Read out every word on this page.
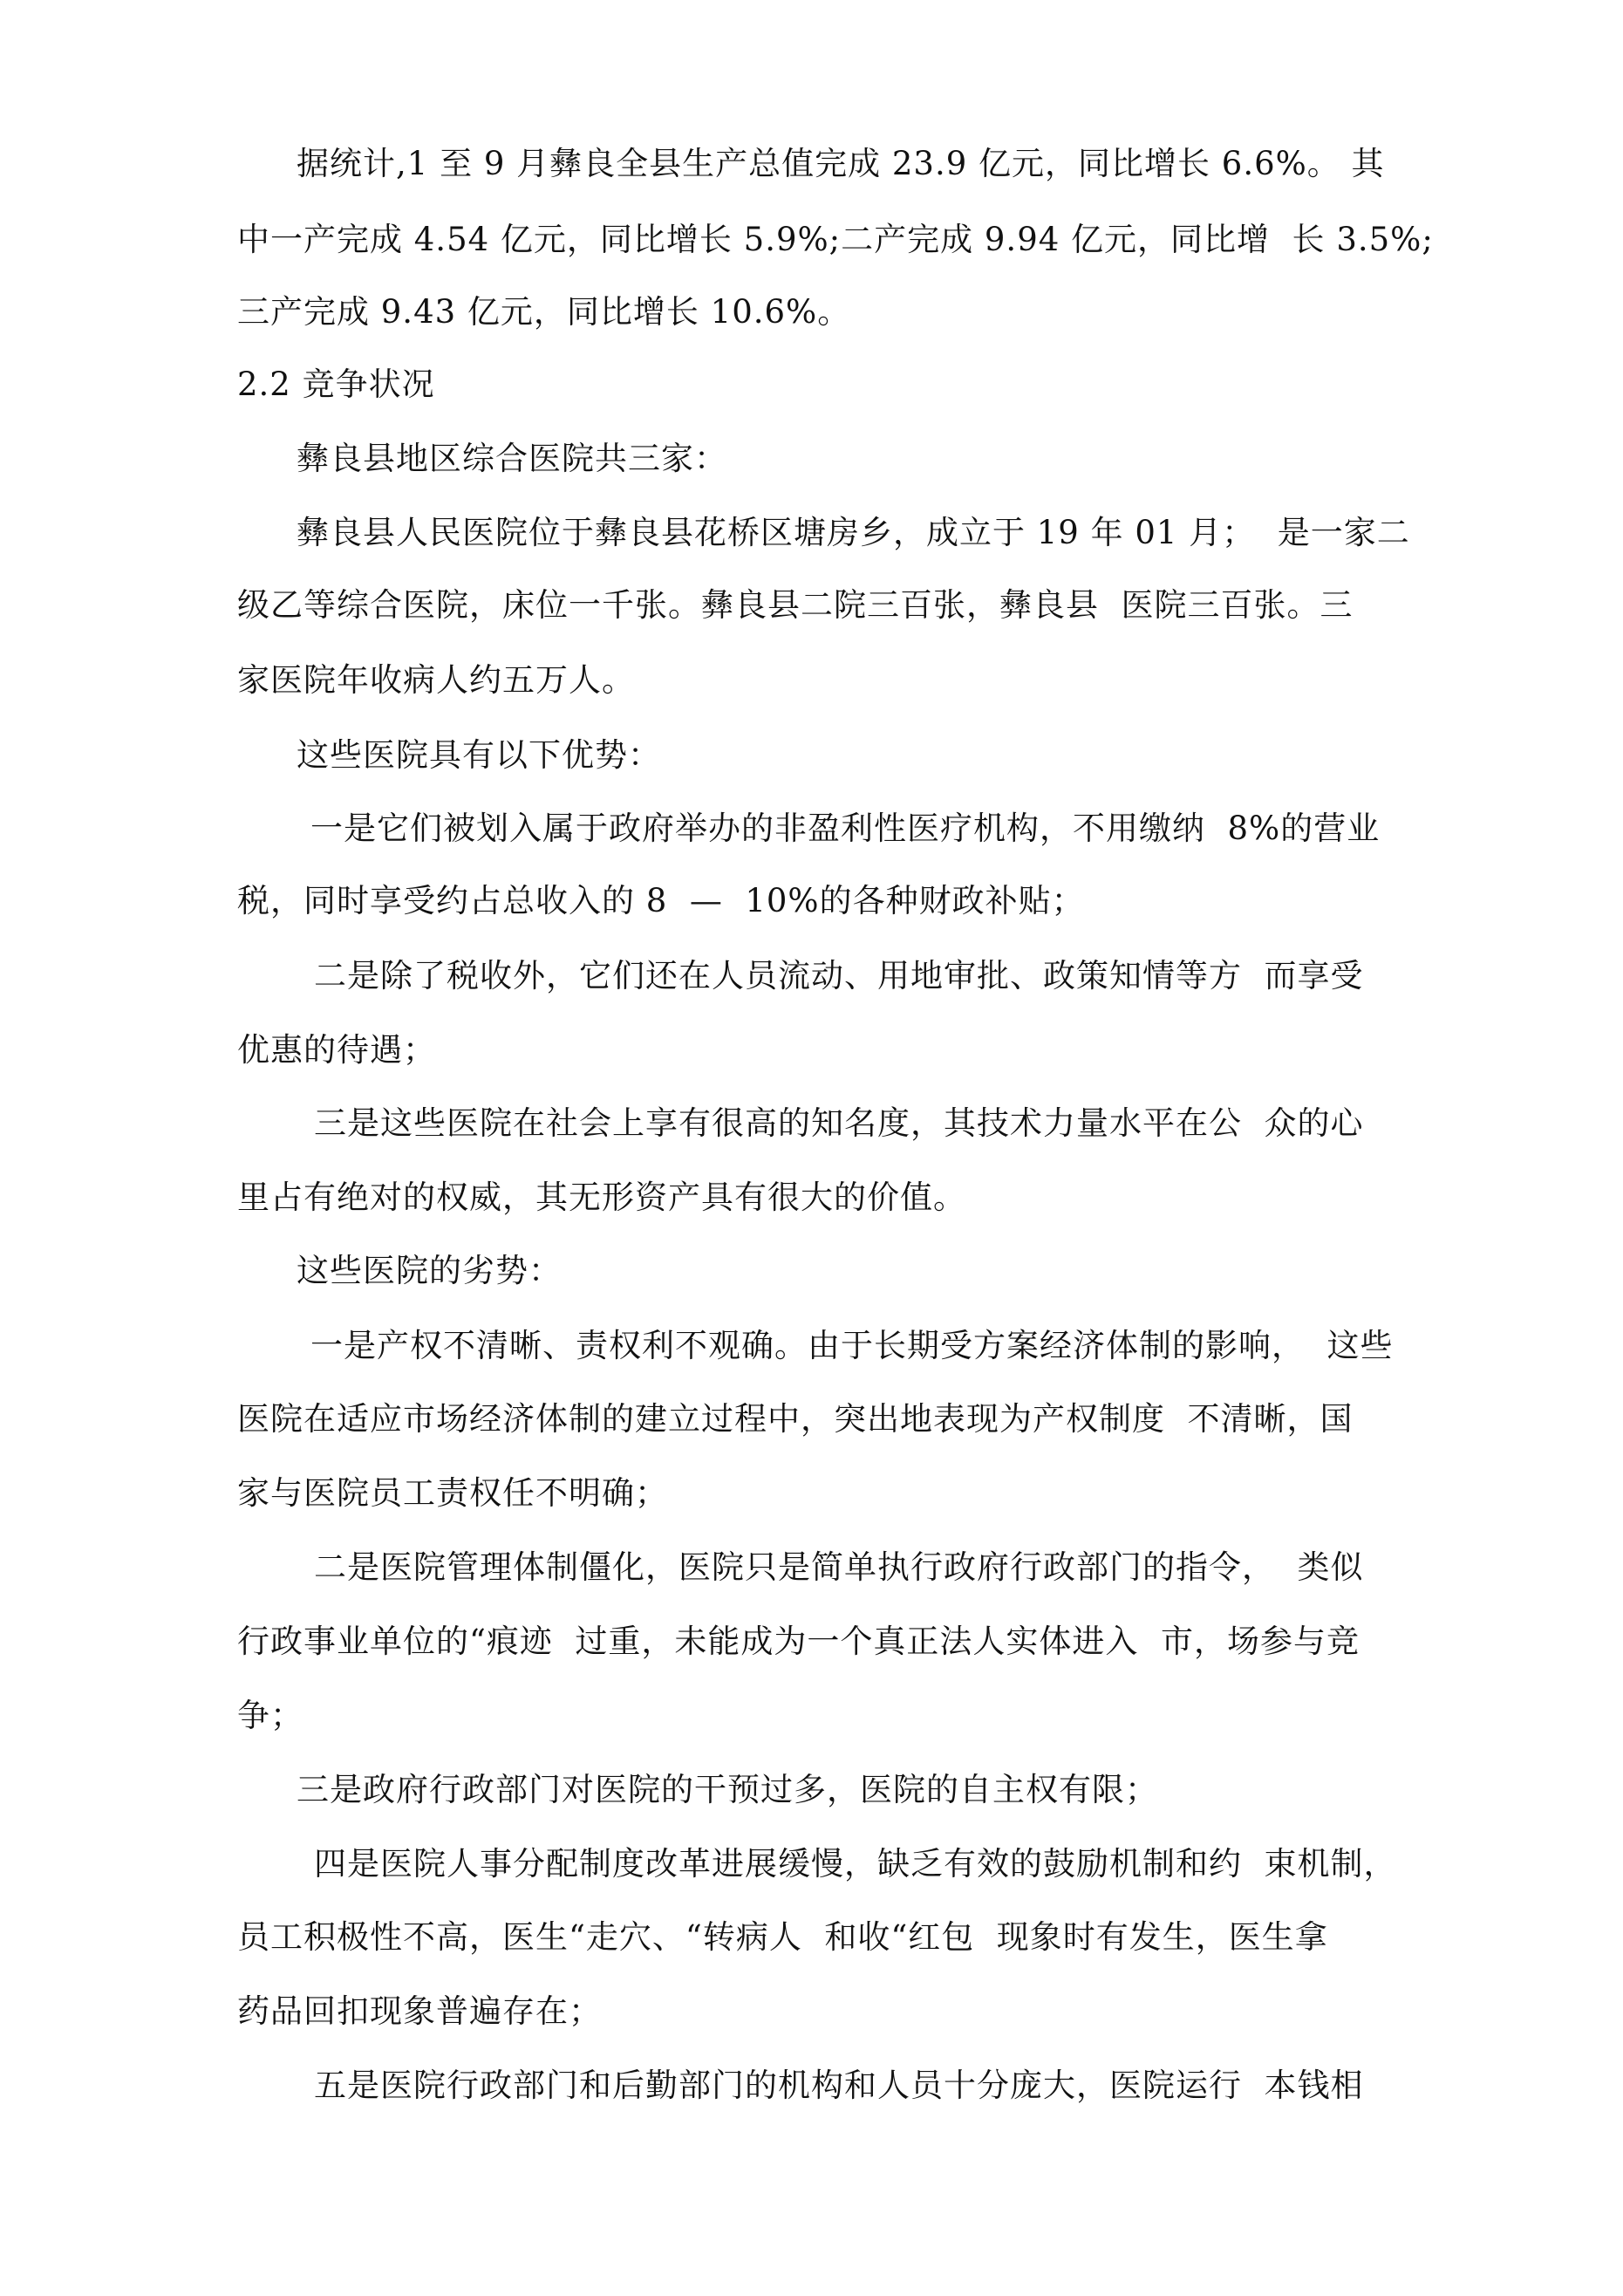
据统计,1 至 9 月彝良全县生产总值完成 23.9 亿元，同比增长 6.6%。 其
中一产完成 4.54 亿元，同比增长 5.9%;二产完成 9.94 亿元，同比增  长 3.5%;
三产完成 9.43 亿元，同比增长 10.6%。
2.2 竞争状况
彝良县地区综合医院共三家：
彝良县人民医院位于彝良县花桥区塘房乡，成立于 19 年 01 月；  是一家二
级乙等综合医院，床位一千张。彝良县二院三百张，彝良县  医院三百张。三
家医院年收病人约五万人。
这些医院具有以下优势：
一是它们被划入属于政府举办的非盈利性医疗机构，不用缴纳  8%的营业
税，同时享受约占总收入的 8  —  10%的各种财政补贴；
二是除了税收外，它们还在人员流动、用地审批、政策知情等方  而享受
优惠的待遇；
三是这些医院在社会上享有很高的知名度，其技术力量水平在公  众的心
里占有绝对的权威，其无形资产具有很大的价值。
这些医院的劣势：
一是产权不清晰、责权利不观确。由于长期受方案经济体制的影响，  这些
医院在适应市场经济体制的建立过程中，突出地表现为产权制度  不清晰，国
家与医院员工责权任不明确；
二是医院管理体制僵化，医院只是简单执行政府行政部门的指令，  类似
行政事业单位的“痕迹  过重，未能成为一个真正法人实体进入  市，场参与竞
争；
三是政府行政部门对医院的干预过多，医院的自主权有限；
四是医院人事分配制度改革进展缓慢，缺乏有效的鼓励机制和约  束机制，
员工积极性不高，医生“走穴、“转病人  和收“红包  现象时有发生，医生拿
药品回扣现象普遍存在；
五是医院行政部门和后勤部门的机构和人员十分庞大，医院运行  本钱相
